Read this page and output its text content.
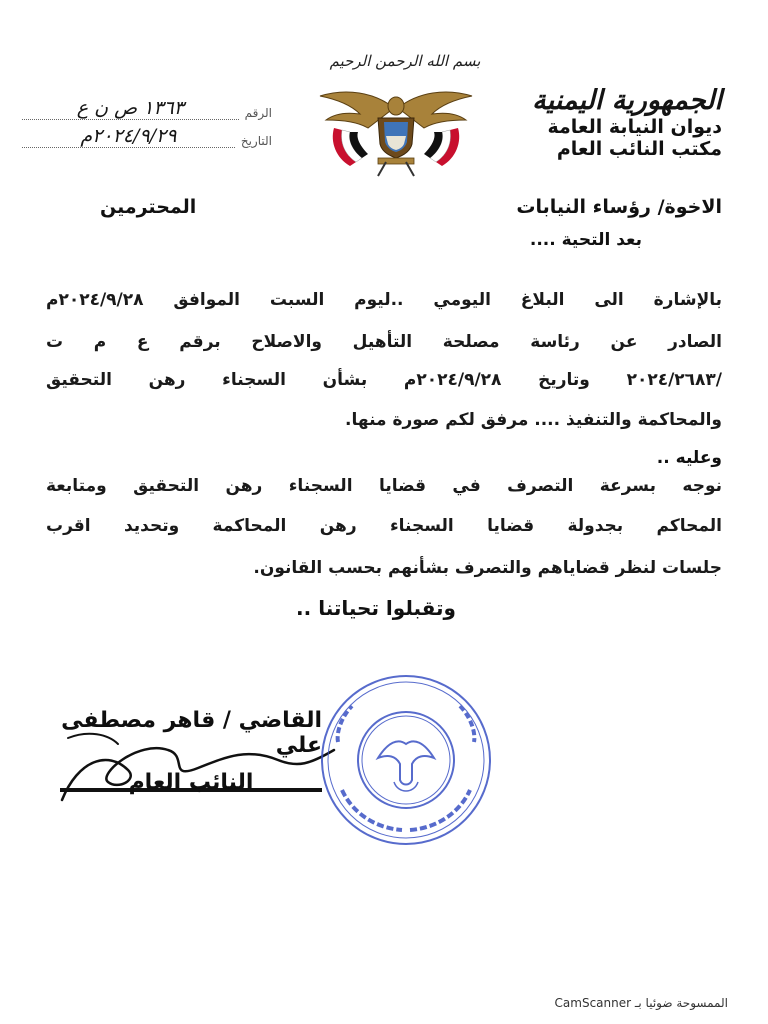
الجمهورية اليمنية
ديوان النيابة العامة
مكتب النائب العام
بسم الله الرحمن الرحيم
الرقم
١٣٦٣ ص ن ع
التاريخ
٢٠٢٤/٩/٢٩م
الاخوة/ رؤساء النيابات
المحترمين
بعد التحية ....
بالإشارة الى البلاغ اليومي ..ليوم السبت الموافق ٢٠٢٤/٩/٢٨م
الصادر عن رئاسة مصلحة التأهيل والاصلاح برقم ع م ت
/٢٠٢٤/٢٦٨٣ وتاريخ ٢٠٢٤/٩/٢٨م بشأن السجناء رهن التحقيق
والمحاكمة والتنفيذ .... مرفق لكم صورة منها.
وعليه ..
نوجه بسرعة التصرف في قضايا السجناء رهن التحقيق ومتابعة
المحاكم بجدولة قضايا السجناء رهن المحاكمة وتحديد اقرب
جلسات لنظر قضاياهم والتصرف بشأنهم بحسب القانون.
وتقبلوا تحياتنا ..
القاضي / قاهر مصطفى علي
النائب العام
الممسوحة ضوئيا بـ CamScanner
